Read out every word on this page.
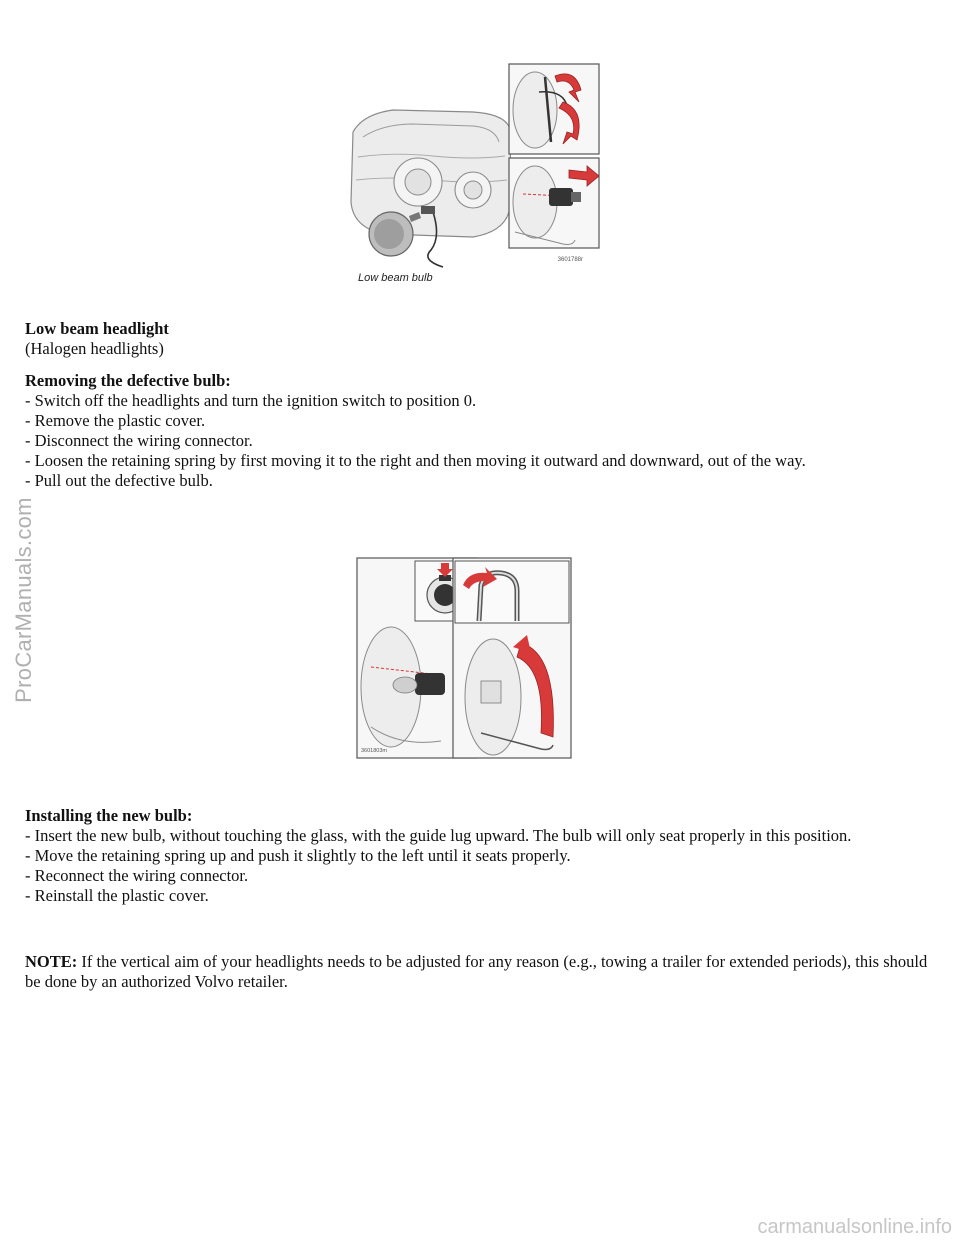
ProCarManuals.com
carmanualsonline.info
3601788r
Low beam bulb
3601803m

Low beam headlight

(Halogen headlights)

Removing the defective bulb:

- Switch off the headlights and turn the ignition switch to position 0.

- Remove the plastic cover.

- Disconnect the wiring connector.

- Loosen the retaining spring by first moving it to the right and then moving it outward and downward, out of the way.

- Pull out the defective bulb.

Installing the new bulb:

- Insert the new bulb, without touching the glass, with the guide lug upward. The bulb will only seat properly in this position.

- Move the retaining spring up and push it slightly to the left until it seats properly.

- Reconnect the wiring connector.

- Reinstall the plastic cover.

NOTE: If the vertical aim of your headlights needs to be adjusted for any reason (e.g., towing a trailer for extended periods), this should be done by an authorized Volvo retailer.
